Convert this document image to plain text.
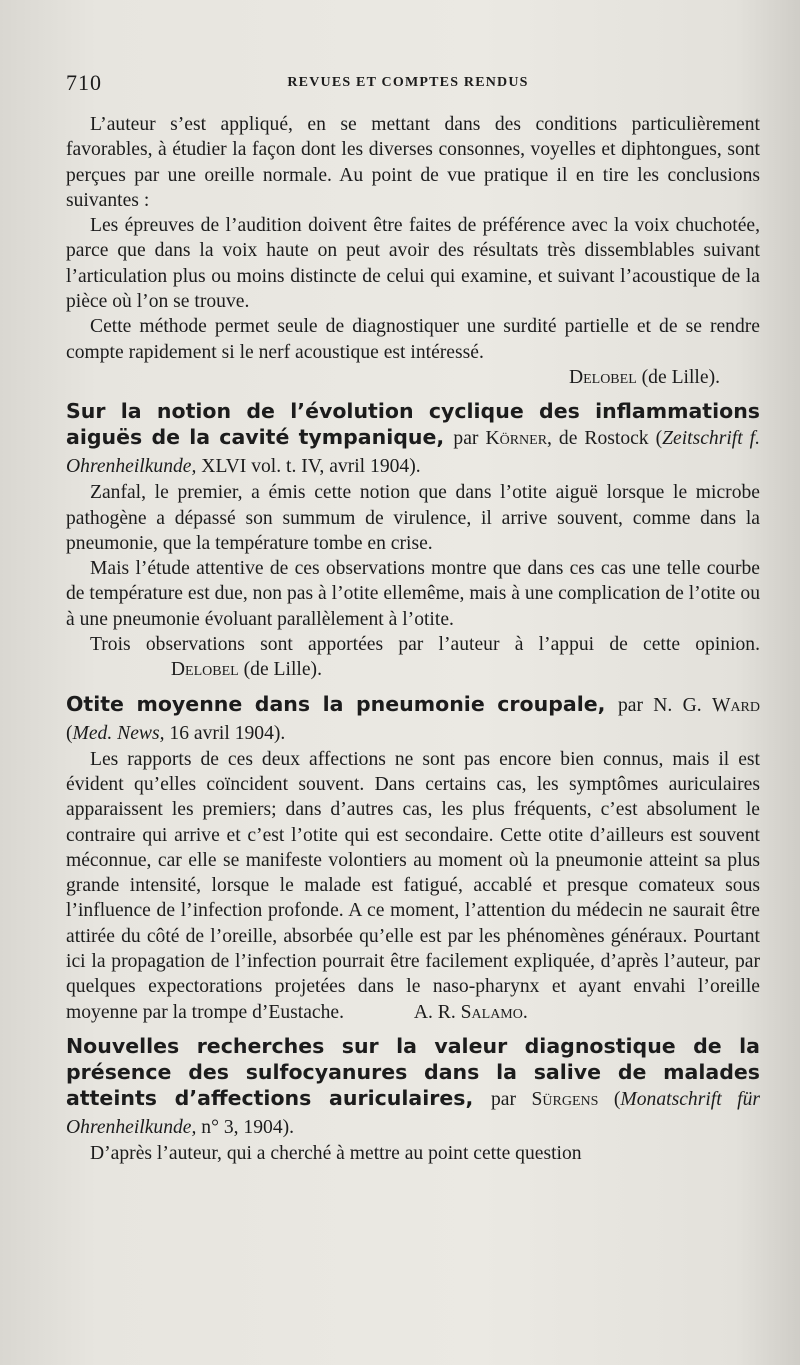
710	REVUES ET COMPTES RENDUS

L’auteur s’est appliqué, en se mettant dans des conditions particulièrement favorables, à étudier la façon dont les diverses consonnes, voyelles et diphtongues, sont perçues par une oreille normale. Au point de vue pratique il en tire les conclusions suivantes :

Les épreuves de l’audition doivent être faites de préférence avec la voix chuchotée, parce que dans la voix haute on peut avoir des résultats très dissemblables suivant l’articulation plus ou moins distincte de celui qui examine, et suivant l’acoustique de la pièce où l’on se trouve.

Cette méthode permet seule de diagnostiquer une surdité partielle et de se rendre compte rapidement si le nerf acoustique est intéressé.

Delobel (de Lille).

Sur la notion de l’évolution cyclique des inflammations aiguës de la cavité tympanique, par Körner, de Rostock (Zeitschrift f. Ohrenheilkunde, XLVI vol. t. IV, avril 1904).

Zanfal, le premier, a émis cette notion que dans l’otite aiguë lorsque le microbe pathogène a dépassé son summum de virulence, il arrive souvent, comme dans la pneumonie, que la température tombe en crise.

Mais l’étude attentive de ces observations montre que dans ces cas une telle courbe de température est due, non pas à l’otite ellemême, mais à une complication de l’otite ou à une pneumonie évoluant parallèlement à l’otite.

Trois observations sont apportées par l’auteur à l’appui de cette opinion.  Delobel (de Lille).

Otite moyenne dans la pneumonie croupale, par N. G. Ward (Med. News, 16 avril 1904).

Les rapports de ces deux affections ne sont pas encore bien connus, mais il est évident qu’elles coïncident souvent. Dans certains cas, les symptômes auriculaires apparaissent les premiers; dans d’autres cas, les plus fréquents, c’est absolument le contraire qui arrive et c’est l’otite qui est secondaire. Cette otite d’ailleurs est souvent méconnue, car elle se manifeste volontiers au moment où la pneumonie atteint sa plus grande intensité, lorsque le malade est fatigué, accablé et presque comateux sous l’influence de l’infection profonde. A ce moment, l’attention du médecin ne saurait être attirée du côté de l’oreille, absorbée qu’elle est par les phénomènes généraux. Pourtant ici la propagation de l’infection pourrait être facilement expliquée, d’après l’auteur, par quelques expectorations projetées dans le naso-pharynx et ayant envahi l’oreille moyenne par la trompe d’Eustache.	A. R. Salamo.

Nouvelles recherches sur la valeur diagnostique de la présence des sulfocyanures dans la salive de malades atteints d’affections auriculaires, par Sürgens (Monatschrift für Ohrenheilkunde, n° 3, 1904).

D’après l’auteur, qui a cherché à mettre au point cette question
